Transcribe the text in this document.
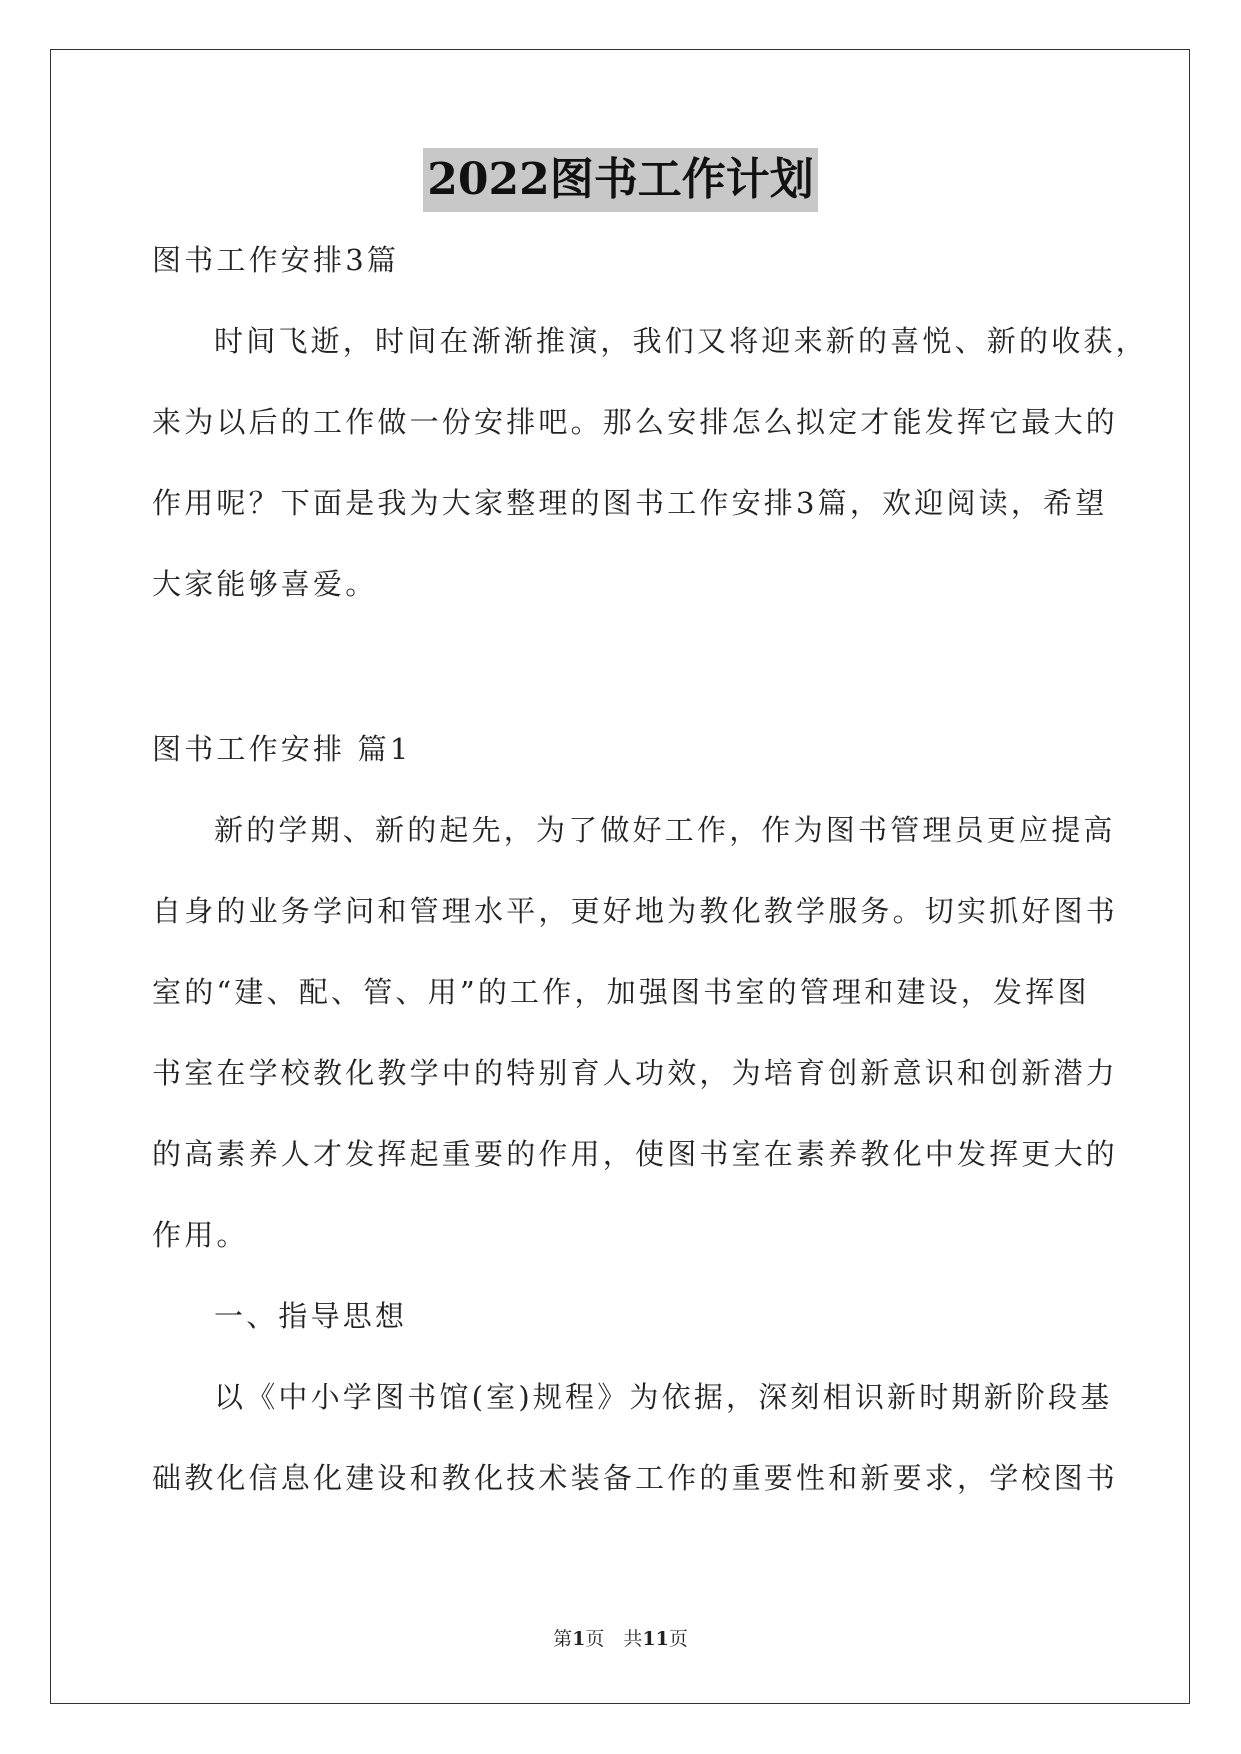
2022图书工作计划
图书工作安排3篇
时间飞逝，时间在渐渐推演，我们又将迎来新的喜悦、新的收获，
来为以后的工作做一份安排吧。那么安排怎么拟定才能发挥它最大的
作用呢？下面是我为大家整理的图书工作安排3篇，欢迎阅读，希望
大家能够喜爱。
图书工作安排 篇1
新的学期、新的起先，为了做好工作，作为图书管理员更应提高
自身的业务学问和管理水平，更好地为教化教学服务。切实抓好图书
室的“建、配、管、用”的工作，加强图书室的管理和建设，发挥图
书室在学校教化教学中的特别育人功效，为培育创新意识和创新潜力
的高素养人才发挥起重要的作用，使图书室在素养教化中发挥更大的
作用。
一、指导思想
以《中小学图书馆(室)规程》为依据，深刻相识新时期新阶段基
础教化信息化建设和教化技术装备工作的重要性和新要求，学校图书
第1页　共11页
